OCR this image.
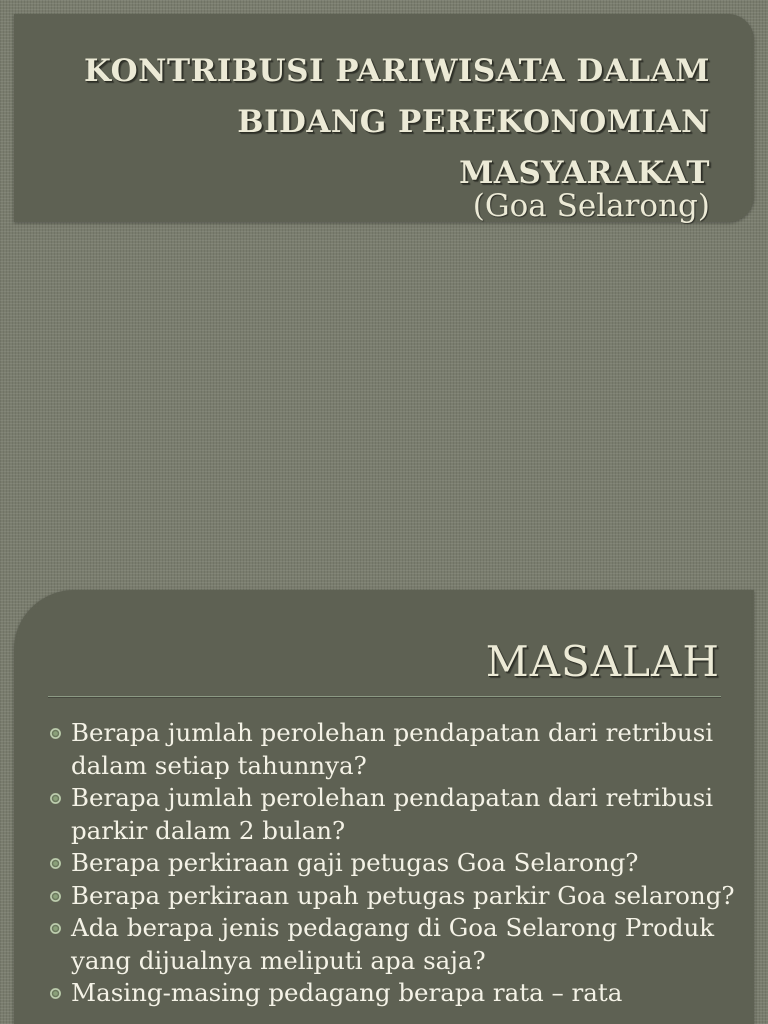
KONTRIBUSI PARIWISATA DALAM
BIDANG PEREKONOMIAN
MASYARAKAT
(Goa Selarong)
MASALAH
Berapa jumlah perolehan pendapatan dari retribusi dalam setiap tahunnya?
Berapa jumlah perolehan pendapatan dari retribusi parkir dalam 2 bulan?
Berapa perkiraan gaji petugas Goa Selarong?
Berapa perkiraan upah petugas parkir Goa selarong?
Ada berapa jenis pedagang di Goa Selarong Produk yang dijualnya meliputi apa saja?
Masing-masing pedagang berapa rata – rata
